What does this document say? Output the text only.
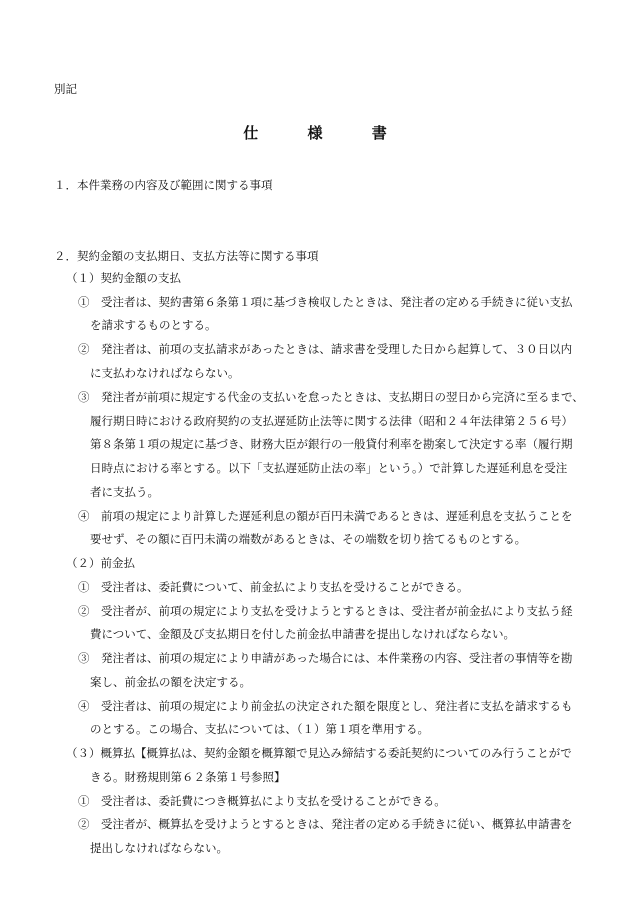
別記
仕	様	書
１．本件業務の内容及び範囲に関する事項
２．契約金額の支払期日、支払方法等に関する事項
（１）契約金額の支払
①　受注者は、契約書第６条第１項に基づき検収したときは、発注者の定める手続きに従い支払
を請求するものとする。
②　発注者は、前項の支払請求があったときは、請求書を受理した日から起算して、３０日以内
に支払わなければならない。
③　発注者が前項に規定する代金の支払いを怠ったときは、支払期日の翌日から完済に至るまで、
履行期日時における政府契約の支払遅延防止法等に関する法律（昭和２４年法律第２５６号）
第８条第１項の規定に基づき、財務大臣が銀行の一般貸付利率を勘案して決定する率（履行期
日時点における率とする。以下「支払遅延防止法の率」という。）で計算した遅延利息を受注
者に支払う。
④　前項の規定により計算した遅延利息の額が百円未満であるときは、遅延利息を支払うことを
要せず、その額に百円未満の端数があるときは、その端数を切り捨てるものとする。
（２）前金払
①　受注者は、委託費について、前金払により支払を受けることができる。
②　受注者が、前項の規定により支払を受けようとするときは、受注者が前金払により支払う経
費について、金額及び支払期日を付した前金払申請書を提出しなければならない。
③　発注者は、前項の規定により申請があった場合には、本件業務の内容、受注者の事情等を勘
案し、前金払の額を決定する。
④　受注者は、前項の規定により前金払の決定された額を限度とし、発注者に支払を請求するも
のとする。この場合、支払については、（１）第１項を準用する。
（３）概算払【概算払は、契約金額を概算額で見込み締結する委託契約についてのみ行うことがで
きる。財務規則第６２条第１号参照】
①　受注者は、委託費につき概算払により支払を受けることができる。
②　受注者が、概算払を受けようとするときは、発注者の定める手続きに従い、概算払申請書を
提出しなければならない。
